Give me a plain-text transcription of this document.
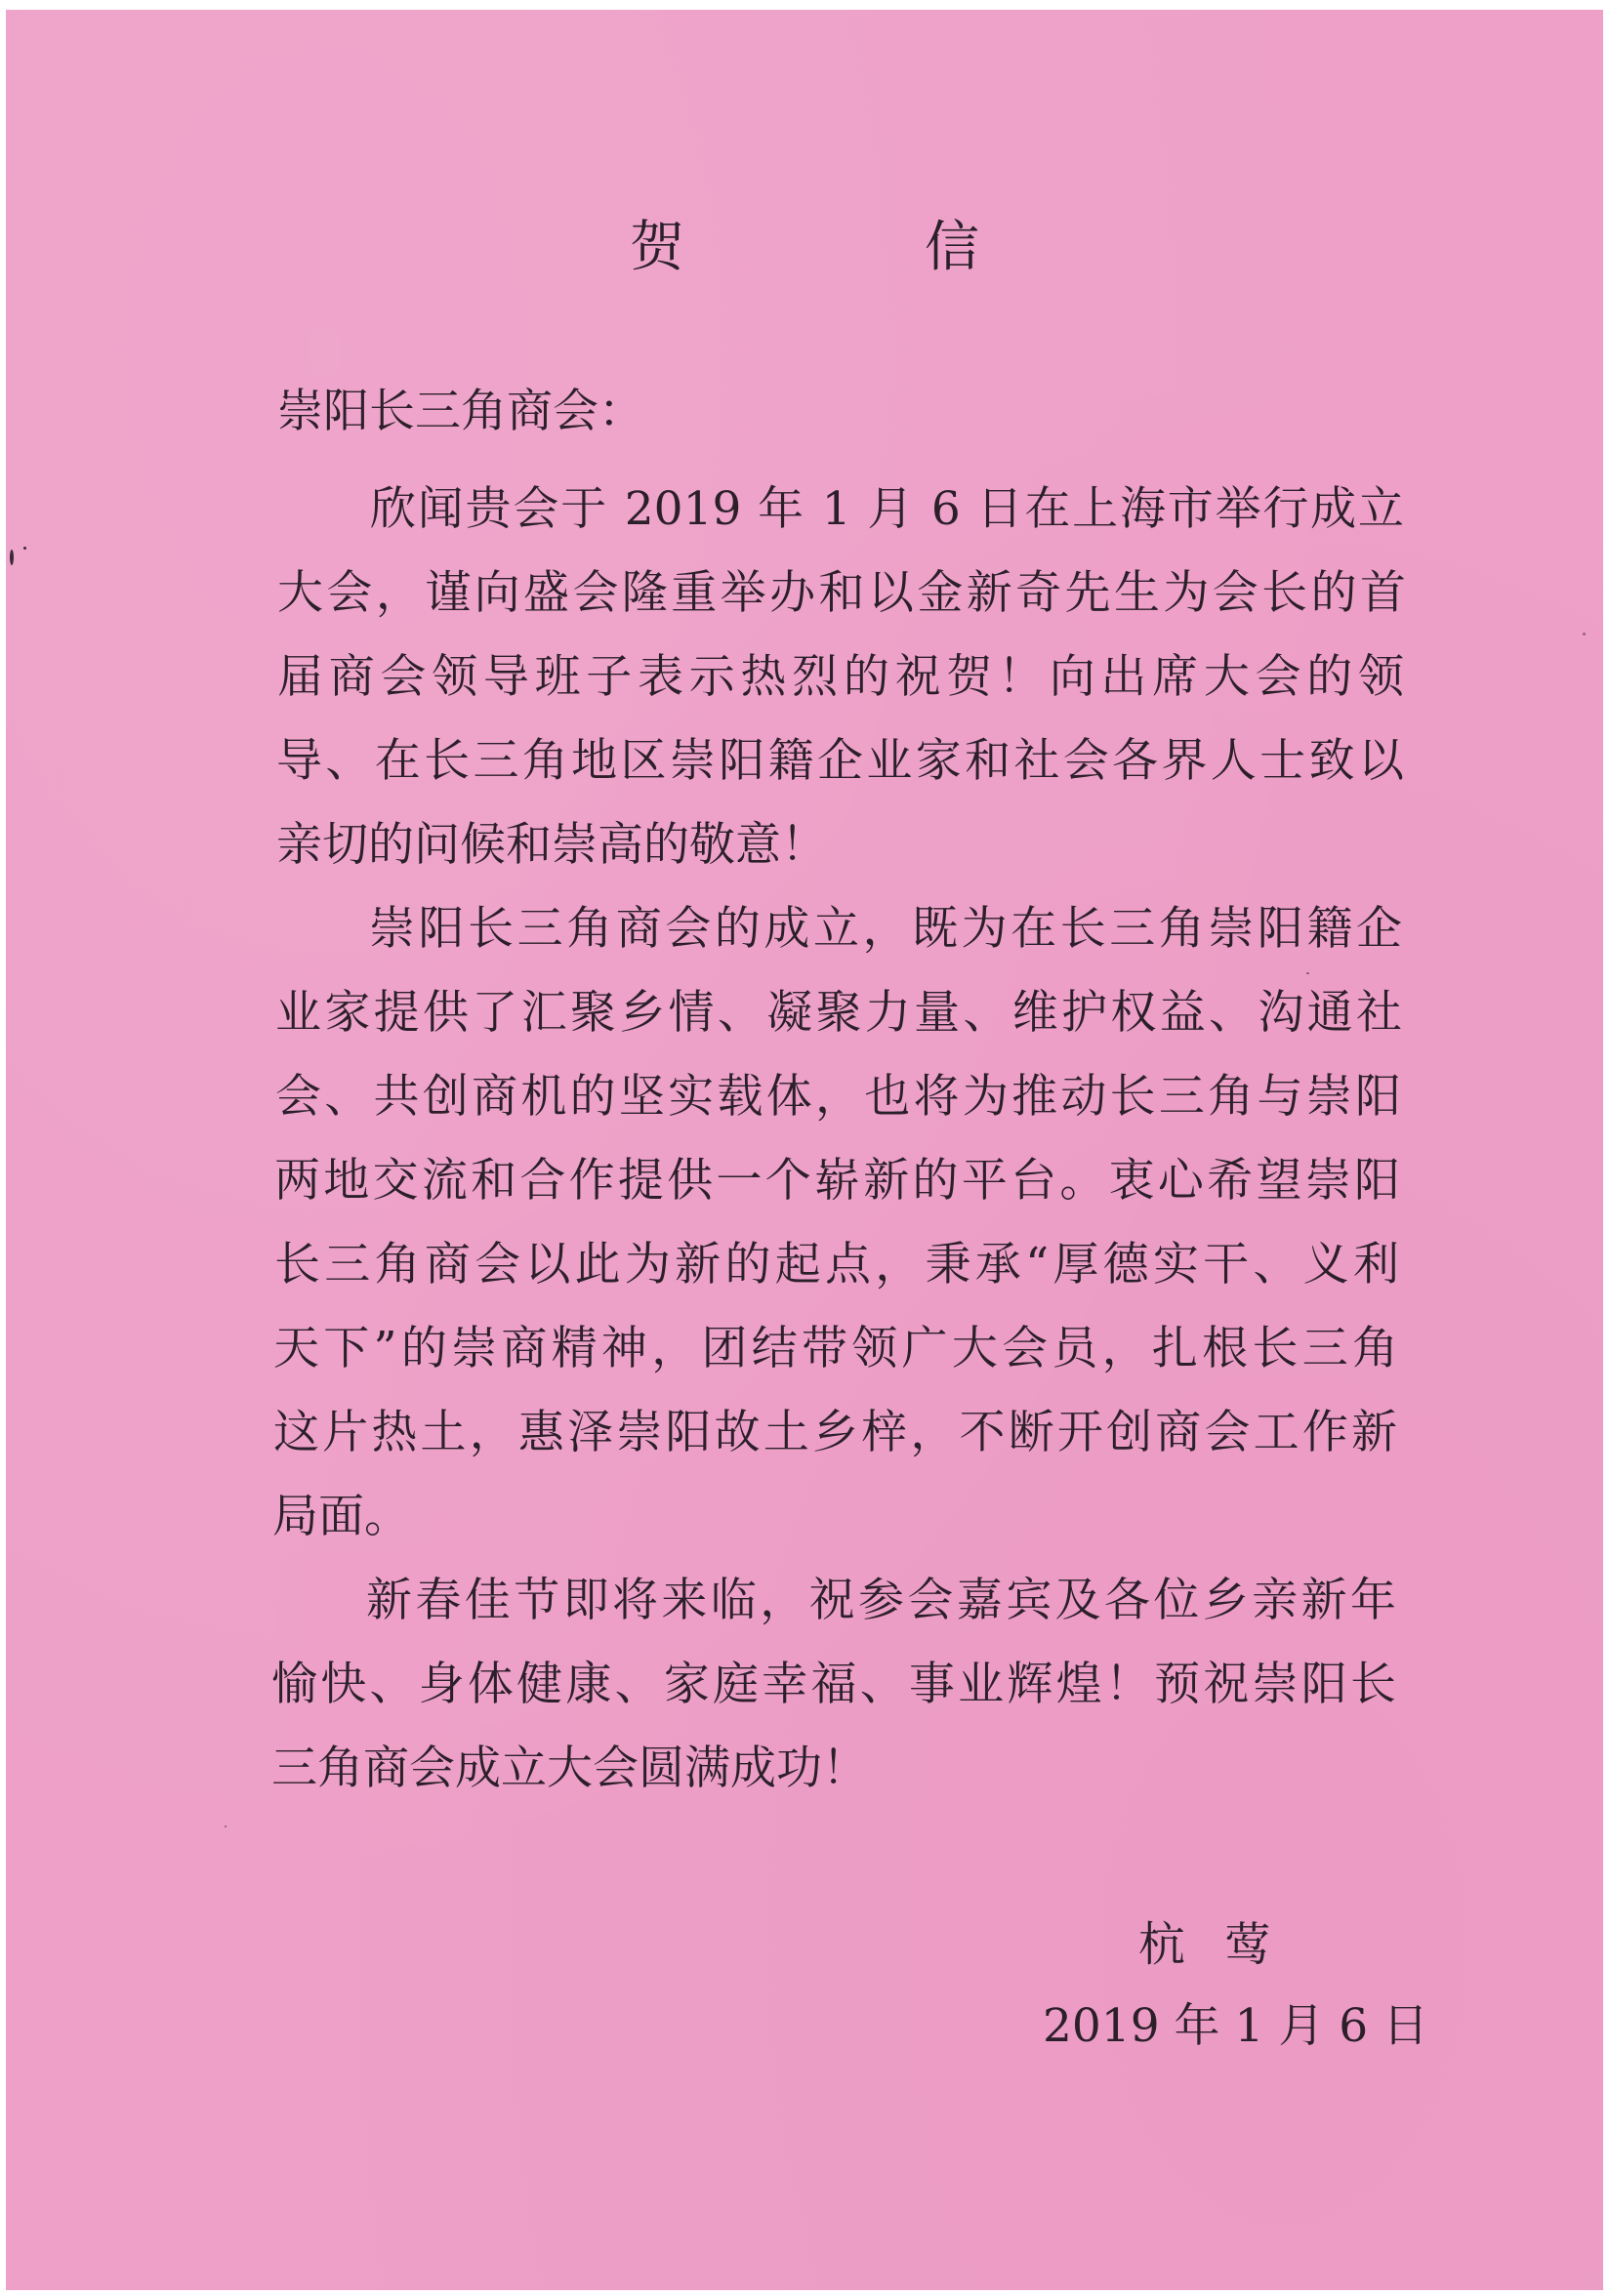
贺　信
崇阳长三角商会：
欣闻贵会于 2019 年 1 月 6 日在上海市举行成立
大会，谨向盛会隆重举办和以金新奇先生为会长的首
届商会领导班子表示热烈的祝贺！向出席大会的领
导、在长三角地区崇阳籍企业家和社会各界人士致以
亲切的问候和崇高的敬意！
崇阳长三角商会的成立，既为在长三角崇阳籍企
业家提供了汇聚乡情、凝聚力量、维护权益、沟通社
会、共创商机的坚实载体，也将为推动长三角与崇阳
两地交流和合作提供一个崭新的平台。衷心希望崇阳
长三角商会以此为新的起点，秉承“厚德实干、义利
天下”的崇商精神，团结带领广大会员，扎根长三角
这片热土，惠泽崇阳故土乡梓，不断开创商会工作新
局面。
新春佳节即将来临，祝参会嘉宾及各位乡亲新年
愉快、身体健康、家庭幸福、事业辉煌！预祝崇阳长
三角商会成立大会圆满成功！
杭莺
2019 年 1 月 6 日
